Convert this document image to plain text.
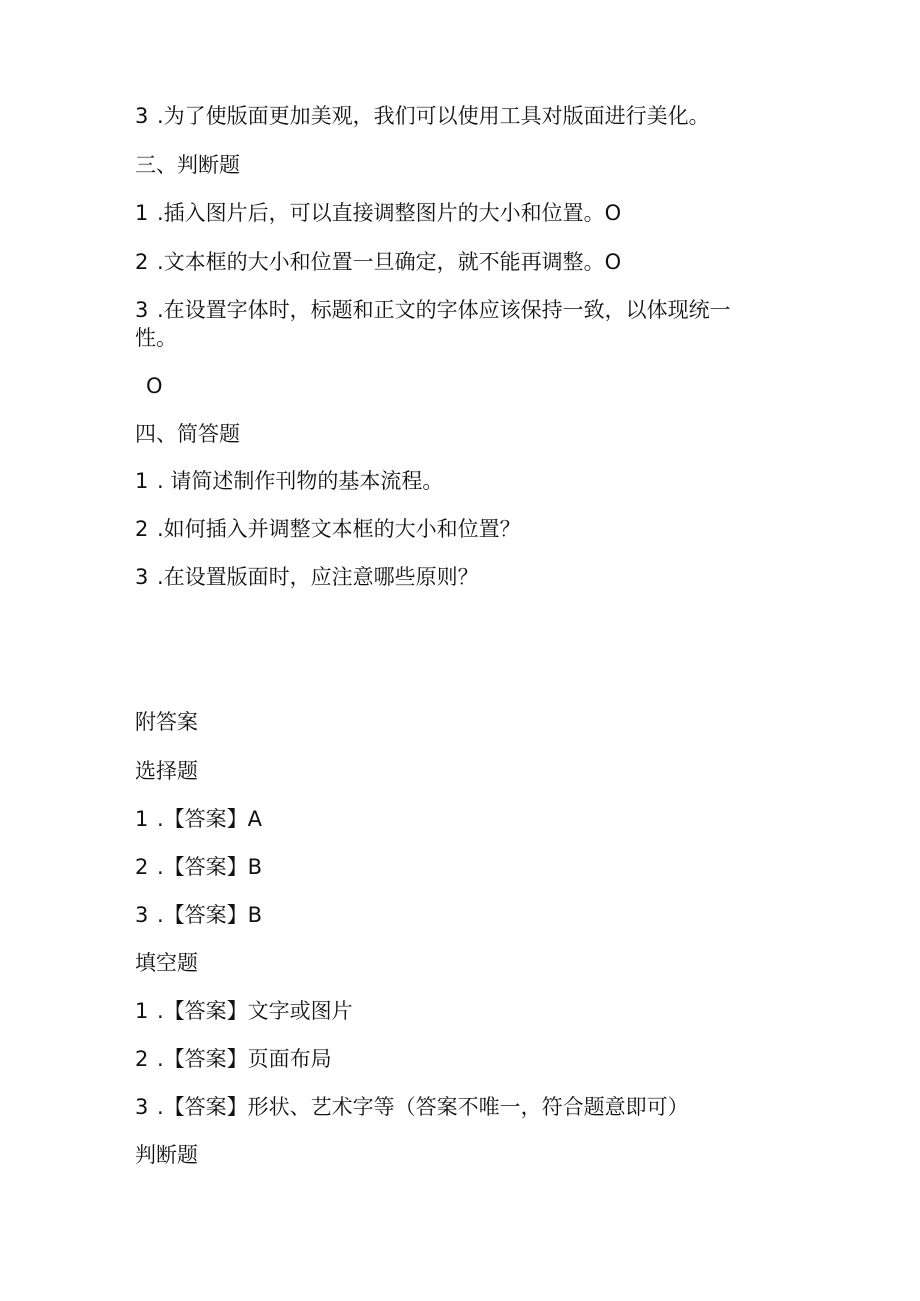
3 .为了使版面更加美观，我们可以使用工具对版面进行美化。
三、判断题
1 .插入图片后，可以直接调整图片的大小和位置。O
2 .文本框的大小和位置一旦确定，就不能再调整。O
3 .在设置字体时，标题和正文的字体应该保持一致，以体现统一
性。
O
四、简答题
1 . 请简述制作刊物的基本流程。
2 .如何插入并调整文本框的大小和位置？
3 .在设置版面时，应注意哪些原则？
附答案
选择题
1 .【答案】A
2 .【答案】B
3 .【答案】B
填空题
1 .【答案】文字或图片
2 .【答案】页面布局
3 .【答案】形状、艺术字等（答案不唯一，符合题意即可）
判断题
